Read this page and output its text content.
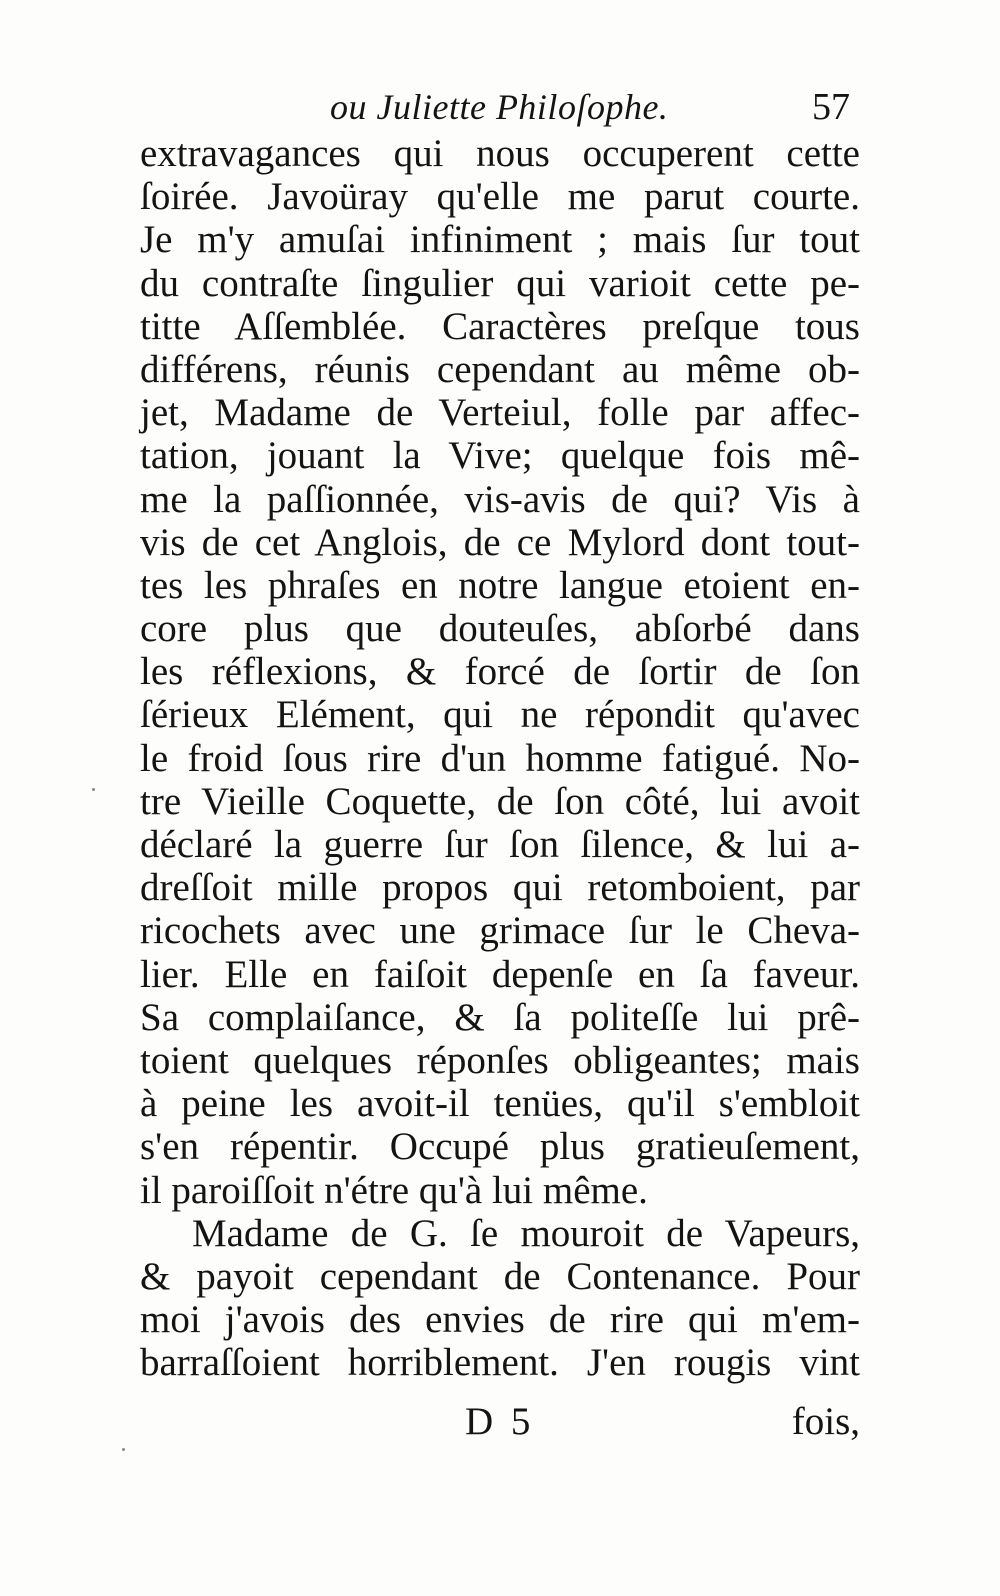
ou Juliette Philoſophe.	57
extravagances qui nous occuperent cette
ſoirée. Javoüray qu'elle me parut courte.
Je m'y amuſai infiniment ; mais ſur tout
du contraſte ſingulier qui varioit cette pe-
titte Aſſemblée. Caractères preſque tous
différens, réunis cependant au même ob-
jet, Madame de Verteiul, folle par affec-
tation, jouant la Vive; quelque fois mê-
me la paſſionnée, vis-avis de qui? Vis à
vis de cet Anglois, de ce Mylord dont tout-
tes les phraſes en notre langue etoient en-
core plus que douteuſes, abſorbé dans
les réflexions, & forcé de ſortir de ſon
ſérieux Elément, qui ne répondit qu'avec
le froid ſous rire d'un homme fatigué. No-
tre Vieille Coquette, de ſon côté, lui avoit
déclaré la guerre ſur ſon ſilence, & lui a-
dreſſoit mille propos qui retomboient, par
ricochets avec une grimace ſur le Cheva-
lier. Elle en faiſoit depenſe en ſa faveur.
Sa complaiſance, & ſa politeſſe lui prê-
toient quelques réponſes obligeantes; mais
à peine les avoit-il tenües, qu'il s'embloit
s'en répentir. Occupé plus gratieuſement,
il paroiſſoit n'étre qu'à lui même.
Madame de G. ſe mouroit de Vapeurs,
& payoit cependant de Contenance. Pour
moi j'avois des envies de rire qui m'em-
barraſſoient horriblement. J'en rougis vint
D 5	fois,
